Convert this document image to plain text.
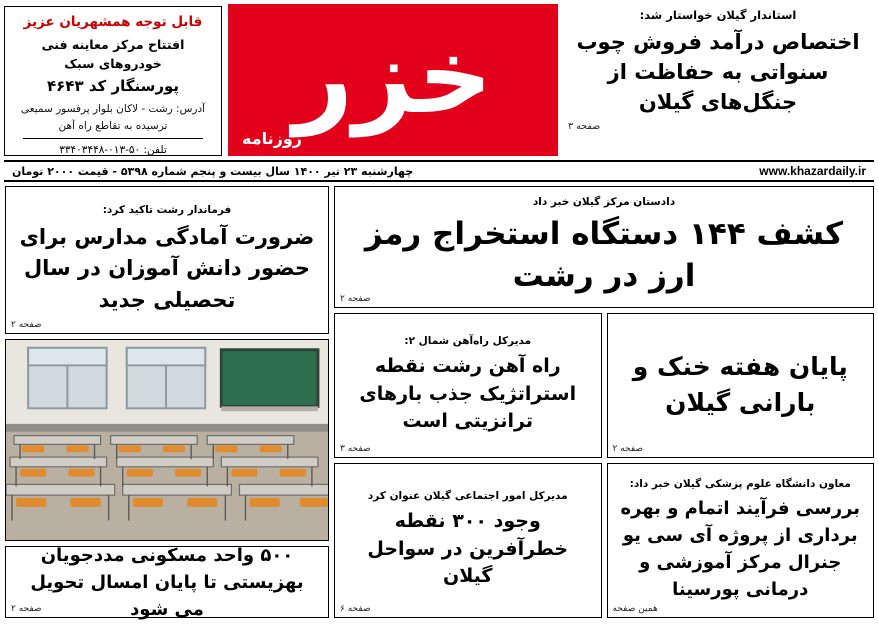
استاندار گیلان خواستار شد:
اختصاص درآمد فروش چوب سنواتی به حفاظت از جنگل‌های گیلان
صفحه ۳
خزر
روزنامه
قابل توجه همشهریان عزیز
افتتاح مرکز معاینه فنی خودروهای سبک
پورسنگار کد ۴۶۴۳
آدرس: رشت - لاکان بلوار پرفسور سمیعی
ترسیده به تقاطع راه آهن
تلفن: ۵۰-۰۱۳-۳۳۴۰۳۴۴۸
www.khazardaily.ir
چهارشنبه ۲۳ تیر ۱۴۰۰ سال بیست و پنجم شماره ۵۳۹۸ - قیمت ۲۰۰۰ تومان
دادستان مرکز گیلان خبر داد
کشف ۱۴۴ دستگاه استخراج رمز ارز در رشت
صفحه ۲
پایان هفته خنک و بارانی گیلان
صفحه ۲
مدیرکل راه‌آهن شمال ۲:
راه آهن رشت نقطه استراتژیک جذب بارهای ترانزیتی است
صفحه ۳
معاون دانشگاه علوم پزشکی گیلان خبر داد:
بررسی فرآیند اتمام و بهره برداری از پروژه آی سی یو جنرال مرکز آموزشی و درمانی پورسینا
همین صفحه
مدیرکل امور اجتماعی گیلان عنوان کرد
وجود ۳۰۰ نقطه خطرآفرین در سواحل گیلان
صفحه ۶
فرماندار رشت تاکید کرد:
ضرورت آمادگی مدارس برای حضور دانش آموزان در سال تحصیلی جدید
صفحه ۲
۵۰۰ واحد مسکونی مددجویان بهزیستی تا پایان امسال تحویل می شود
صفحه ۲
